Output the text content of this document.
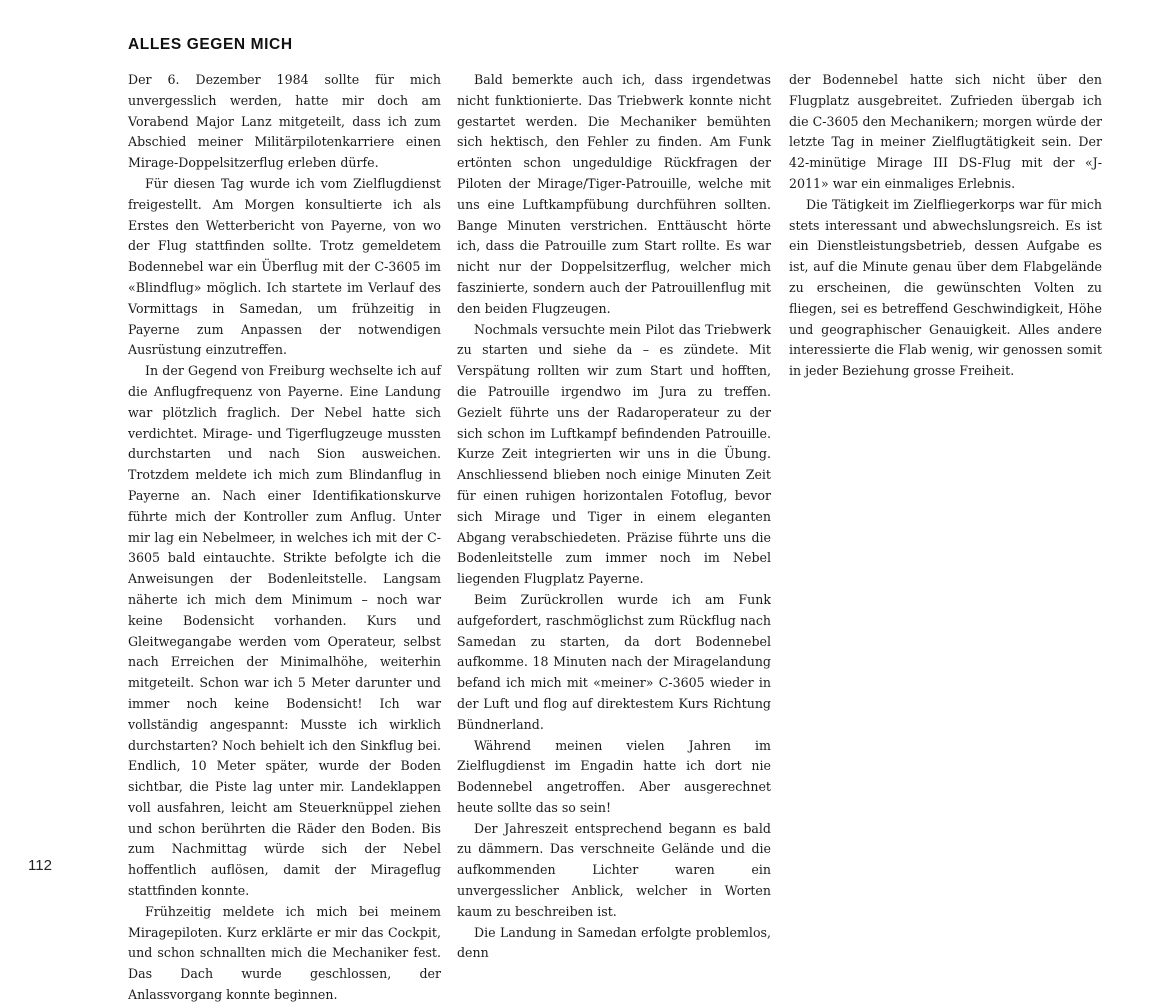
ALLES GEGEN MICH

Der 6. Dezember 1984 sollte für mich unvergesslich werden, hatte mir doch am Vorabend Major Lanz mitgeteilt, dass ich zum Abschied meiner Militärpilotenkarriere einen Mirage-Doppelsitzerflug erleben dürfe.

Für diesen Tag wurde ich vom Zielflugdienst freigestellt. Am Morgen konsultierte ich als Erstes den Wetterbericht von Payerne, von wo der Flug stattfinden sollte. Trotz gemeldetem Bodennebel war ein Überflug mit der C-3605 im «Blindflug» möglich. Ich startete im Verlauf des Vormittags in Samedan, um frühzeitig in Payerne zum Anpassen der notwendigen Ausrüstung einzutreffen.

In der Gegend von Freiburg wechselte ich auf die Anflugfrequenz von Payerne. Eine Landung war plötzlich fraglich. Der Nebel hatte sich verdichtet. Mirage- und Tigerflugzeuge mussten durchstarten und nach Sion ausweichen. Trotzdem meldete ich mich zum Blindanflug in Payerne an. Nach einer Identifikationskurve führte mich der Kontroller zum Anflug. Unter mir lag ein Nebelmeer, in welches ich mit der C-3605 bald eintauchte. Strikte befolgte ich die Anweisungen der Bodenleitstelle. Langsam näherte ich mich dem Minimum – noch war keine Bodensicht vorhanden. Kurs und Gleitwegangabe werden vom Operateur, selbst nach Erreichen der Minimalhöhe, weiterhin mitgeteilt. Schon war ich 5 Meter darunter und immer noch keine Bodensicht! Ich war vollständig angespannt: Musste ich wirklich durchstarten? Noch behielt ich den Sinkflug bei. Endlich, 10 Meter später, wurde der Boden sichtbar, die Piste lag unter mir. Landeklappen voll ausfahren, leicht am Steuerknüppel ziehen und schon berührten die Räder den Boden. Bis zum Nachmittag würde sich der Nebel hoffentlich auflösen, damit der Mirageflug stattfinden konnte.

Frühzeitig meldete ich mich bei meinem Miragepiloten. Kurz erklärte er mir das Cockpit, und schon schnallten mich die Mechaniker fest. Das Dach wurde geschlossen, der Anlassvorgang konnte beginnen.

Bald bemerkte auch ich, dass irgendetwas nicht funktionierte. Das Triebwerk konnte nicht gestartet werden. Die Mechaniker bemühten sich hektisch, den Fehler zu finden. Am Funk ertönten schon ungeduldige Rückfragen der Piloten der Mirage/Tiger-Patrouille, welche mit uns eine Luftkampfübung durchführen sollten. Bange Minuten verstrichen. Enttäuscht hörte ich, dass die Patrouille zum Start rollte. Es war nicht nur der Doppelsitzerflug, welcher mich faszinierte, sondern auch der Patrouillenflug mit den beiden Flugzeugen.

Nochmals versuchte mein Pilot das Triebwerk zu starten und siehe da – es zündete. Mit Verspätung rollten wir zum Start und hofften, die Patrouille irgendwo im Jura zu treffen. Gezielt führte uns der Radaroperateur zu der sich schon im Luftkampf befindenden Patrouille. Kurze Zeit integrierten wir uns in die Übung. Anschliessend blieben noch einige Minuten Zeit für einen ruhigen horizontalen Fotoflug, bevor sich Mirage und Tiger in einem eleganten Abgang verabschiedeten. Präzise führte uns die Bodenleitstelle zum immer noch im Nebel liegenden Flugplatz Payerne.

Beim Zurückrollen wurde ich am Funk aufgefordert, raschmöglichst zum Rückflug nach Samedan zu starten, da dort Bodennebel aufkomme. 18 Minuten nach der Miragelandung befand ich mich mit «meiner» C-3605 wieder in der Luft und flog auf direktestem Kurs Richtung Bündnerland.

Während meinen vielen Jahren im Zielflugdienst im Engadin hatte ich dort nie Bodennebel angetroffen. Aber ausgerechnet heute sollte das so sein!

Der Jahreszeit entsprechend begann es bald zu dämmern. Das verschneite Gelände und die aufkommenden Lichter waren ein unvergesslicher Anblick, welcher in Worten kaum zu beschreiben ist.

Die Landung in Samedan erfolgte problemlos, denn

der Bodennebel hatte sich nicht über den Flugplatz ausgebreitet. Zufrieden übergab ich die C-3605 den Mechanikern; morgen würde der letzte Tag in meiner Zielflugtätigkeit sein. Der 42-minütige Mirage III DS-Flug mit der «J-2011» war ein einmaliges Erlebnis.

Die Tätigkeit im Zielfliegerkorps war für mich stets interessant und abwechslungsreich. Es ist ein Dienstleistungsbetrieb, dessen Aufgabe es ist, auf die Minute genau über dem Flabgelände zu erscheinen, die gewünschten Volten zu fliegen, sei es betreffend Geschwindigkeit, Höhe und geographischer Genauigkeit. Alles andere interessierte die Flab wenig, wir genossen somit in jeder Beziehung grosse Freiheit.

112
